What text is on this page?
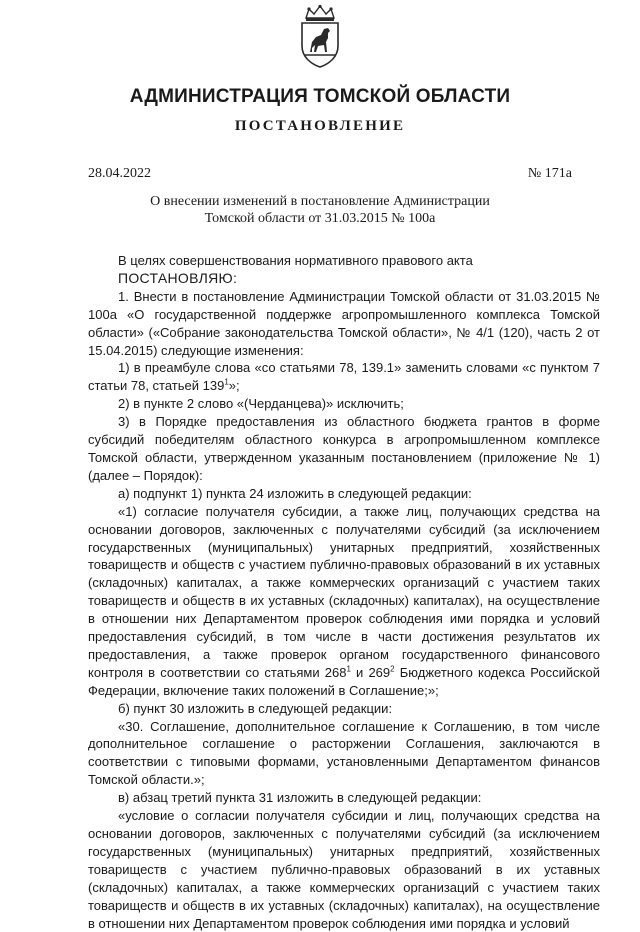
АДМИНИСТРАЦИЯ ТОМСКОЙ ОБЛАСТИ
ПОСТАНОВЛЕНИЕ
28.04.2022	№ 171а
О внесении изменений в постановление Администрации
Томской области от 31.03.2015 № 100а

В целях совершенствования нормативного правового акта

ПОСТАНОВЛЯЮ:

1. Внести в постановление Администрации Томской области от 31.03.2015 № 100а «О государственной поддержке агропромышленного комплекса Томской области» («Собрание законодательства Томской области», № 4/1 (120), часть 2 от 15.04.2015) следующие изменения:

1) в преамбуле слова «со статьями 78, 139.1» заменить словами «с пунктом 7 статьи 78, статьей $139^1$»;

2) в пункте 2 слово «(Черданцева)» исключить;

3) в Порядке предоставления из областного бюджета грантов в форме субсидий победителям областного конкурса в агропромышленном комплексе Томской области, утвержденном указанным постановлением (приложение № 1) (далее – Порядок):

а) подпункт 1) пункта 24 изложить в следующей редакции:

«1) согласие получателя субсидии, а также лиц, получающих средства на основании договоров, заключенных с получателями субсидий (за исключением государственных (муниципальных) унитарных предприятий, хозяйственных товариществ и обществ с участием публично-правовых образований в их уставных (складочных) капиталах, а также коммерческих организаций с участием таких товариществ и обществ в их уставных (складочных) капиталах), на осуществление в отношении них Департаментом проверок соблюдения ими порядка и условий предоставления субсидий, в том числе в части достижения результатов их предоставления, а также проверок органом государственного финансового контроля в соответствии со статьями $268^1$ и $269^2$ Бюджетного кодекса Российской Федерации, включение таких положений в Соглашение;»;

б) пункт 30 изложить в следующей редакции:

«30. Соглашение, дополнительное соглашение к Соглашению, в том числе дополнительное соглашение о расторжении Соглашения, заключаются в соответствии с типовыми формами, установленными Департаментом финансов Томской области.»;

в) абзац третий пункта 31 изложить в следующей редакции:

«условие о согласии получателя субсидии и лиц, получающих средства на основании договоров, заключенных с получателями субсидий (за исключением государственных (муниципальных) унитарных предприятий, хозяйственных товариществ с участием публично-правовых образований в их уставных (складочных) капиталах, а также коммерческих организаций с участием таких товариществ и обществ в их уставных (складочных) капиталах), на осуществление в отношении них Департаментом проверок соблюдения ими порядка и условий
